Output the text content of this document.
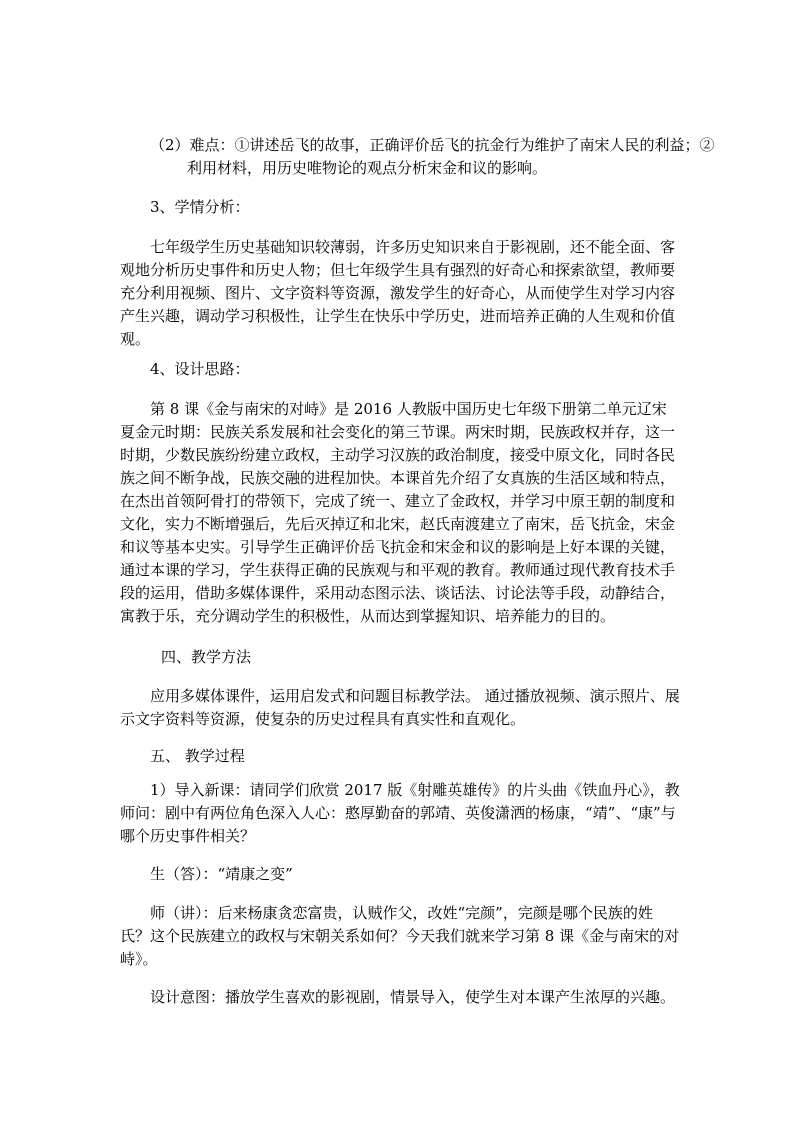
（2）难点：①讲述岳飞的故事，正确评价岳飞的抗金行为维护了南宋人民的利益；②利用材料，用历史唯物论的观点分析宋金和议的影响。

3、学情分析：

七年级学生历史基础知识较薄弱，许多历史知识来自于影视剧，还不能全面、客观地分析历史事件和历史人物；但七年级学生具有强烈的好奇心和探索欲望，教师要充分利用视频、图片、文字资料等资源，激发学生的好奇心，从而使学生对学习内容产生兴趣，调动学习积极性，让学生在快乐中学历史，进而培养正确的人生观和价值观。

4、设计思路：

第 8 课《金与南宋的对峙》是 2016 人教版中国历史七年级下册第二单元辽宋夏金元时期：民族关系发展和社会变化的第三节课。两宋时期，民族政权并存，这一时期，少数民族纷纷建立政权，主动学习汉族的政治制度，接受中原文化，同时各民族之间不断争战，民族交融的进程加快。本课首先介绍了女真族的生活区域和特点，在杰出首领阿骨打的带领下，完成了统一、建立了金政权，并学习中原王朝的制度和文化，实力不断增强后，先后灭掉辽和北宋，赵氏南渡建立了南宋，岳飞抗金，宋金和议等基本史实。引导学生正确评价岳飞抗金和宋金和议的影响是上好本课的关键，通过本课的学习，学生获得正确的民族观与和平观的教育。教师通过现代教育技术手段的运用，借助多媒体课件，采用动态图示法、谈话法、讨论法等手段，动静结合，寓教于乐，充分调动学生的积极性，从而达到掌握知识、培养能力的目的。

四、教学方法

应用多媒体课件，运用启发式和问题目标教学法。 通过播放视频、演示照片、展示文字资料等资源，使复杂的历史过程具有真实性和直观化。

五、 教学过程

1）导入新课：请同学们欣赏 2017 版《射雕英雄传》的片头曲《铁血丹心》，教师问：剧中有两位角色深入人心：憨厚勤奋的郭靖、英俊潇洒的杨康，“靖”、“康”与哪个历史事件相关？

生（答）：“靖康之变”

师（讲）：后来杨康贪恋富贵，认贼作父，改姓“完颜”，完颜是哪个民族的姓氏？这个民族建立的政权与宋朝关系如何？今天我们就来学习第 8 课《金与南宋的对峙》。

设计意图：播放学生喜欢的影视剧，情景导入，使学生对本课产生浓厚的兴趣。
